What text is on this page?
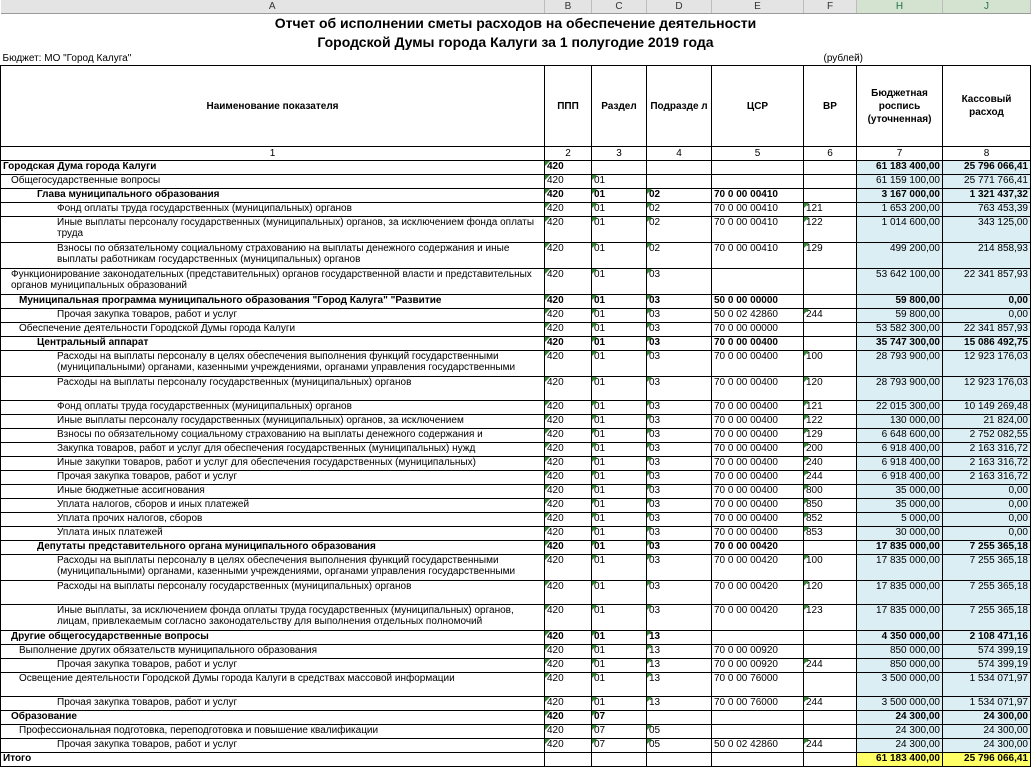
A	B	C	D	E	F	H	J
Отчет об исполнении сметы расходов на обеспечение деятельности							
Городской Думы города Калуги за 1 полугодие 2019 года							
Бюджет: МО "Город Калуга"					(рублей)		
Наименование показателя	ППП	Раздел	Подразде л	ЦСР	ВР	Бюджетная роспись (уточненная)	Кассовый расход
1	2	3	4	5	6	7	8
Городская Дума города Калуги	420					61 183 400,00	25 796 066,41
Общегосударственные вопросы	420	01				61 159 100,00	25 771 766,41
Глава муниципального образования	420	01	02	70 0 00 00410		3 167 000,00	1 321 437,32
Фонд оплаты труда государственных (муниципальных) органов	420	01	02	70 0 00 00410	121	1 653 200,00	763 453,39
Иные выплаты персоналу государственных (муниципальных) органов, за исключением фонда оплаты труда	420	01	02	70 0 00 00410	122	1 014 600,00	343 125,00
Взносы по обязательному социальному страхованию на выплаты денежного содержания и иные выплаты работникам государственных (муниципальных) органов	420	01	02	70 0 00 00410	129	499 200,00	214 858,93
Функционирование законодательных (представительных) органов государственной власти и представительных органов муниципальных образований	420	01	03			53 642 100,00	22 341 857,93
Муниципальная программа муниципального образования "Город Калуга" "Развитие	420	01	03	50 0 00 00000		59 800,00	0,00
Прочая закупка товаров, работ и услуг	420	01	03	50 0 02 42860	244	59 800,00	0,00
Обеспечение деятельности Городской Думы города Калуги	420	01	03	70 0 00 00000		53 582 300,00	22 341 857,93
Центральный аппарат	420	01	03	70 0 00 00400		35 747 300,00	15 086 492,75
Расходы на выплаты персоналу в целях обеспечения выполнения функций государственными (муниципальными) органами, казенными учреждениями, органами управления государственными	420	01	03	70 0 00 00400	100	28 793 900,00	12 923 176,03
Расходы на выплаты персоналу государственных (муниципальных) органов	420	01	03	70 0 00 00400	120	28 793 900,00	12 923 176,03
Фонд оплаты труда государственных (муниципальных) органов	420	01	03	70 0 00 00400	121	22 015 300,00	10 149 269,48
Иные выплаты персоналу государственных (муниципальных) органов, за исключением	420	01	03	70 0 00 00400	122	130 000,00	21 824,00
Взносы по обязательному социальному страхованию на выплаты денежного содержания и	420	01	03	70 0 00 00400	129	6 648 600,00	2 752 082,55
Закупка товаров, работ и услуг для обеспечения государственных (муниципальных) нужд	420	01	03	70 0 00 00400	200	6 918 400,00	2 163 316,72
Иные закупки товаров, работ и услуг для обеспечения государственных (муниципальных)	420	01	03	70 0 00 00400	240	6 918 400,00	2 163 316,72
Прочая закупка товаров, работ и услуг	420	01	03	70 0 00 00400	244	6 918 400,00	2 163 316,72
Иные бюджетные ассигнования	420	01	03	70 0 00 00400	800	35 000,00	0,00
Уплата налогов, сборов и иных платежей	420	01	03	70 0 00 00400	850	35 000,00	0,00
Уплата прочих налогов, сборов	420	01	03	70 0 00 00400	852	5 000,00	0,00
Уплата иных платежей	420	01	03	70 0 00 00400	853	30 000,00	0,00
Депутаты представительного органа муниципального образования	420	01	03	70 0 00 00420		17 835 000,00	7 255 365,18
Расходы на выплаты персоналу в целях обеспечения выполнения функций государственными (муниципальными) органами, казенными учреждениями, органами управления государственными	420	01	03	70 0 00 00420	100	17 835 000,00	7 255 365,18
Расходы на выплаты персоналу государственных (муниципальных) органов	420	01	03	70 0 00 00420	120	17 835 000,00	7 255 365,18
Иные выплаты, за исключением фонда оплаты труда государственных (муниципальных) органов, лицам, привлекаемым согласно законодательству для выполнения отдельных полномочий	420	01	03	70 0 00 00420	123	17 835 000,00	7 255 365,18
Другие общегосударственные вопросы	420	01	13			4 350 000,00	2 108 471,16
Выполнение других обязательств муниципального образования	420	01	13	70 0 00 00920		850 000,00	574 399,19
Прочая закупка товаров, работ и услуг	420	01	13	70 0 00 00920	244	850 000,00	574 399,19
Освещение деятельности Городской Думы города Калуги в средствах массовой информации	420	01	13	70 0 00 76000		3 500 000,00	1 534 071,97
Прочая закупка товаров, работ и услуг	420	01	13	70 0 00 76000	244	3 500 000,00	1 534 071,97
Образование	420	07				24 300,00	24 300,00
Профессиональная подготовка, переподготовка и повышение квалификации	420	07	05			24 300,00	24 300,00
Прочая закупка товаров, работ и услуг	420	07	05	50 0 02 42860	244	24 300,00	24 300,00
Итого						61 183 400,00	25 796 066,41
